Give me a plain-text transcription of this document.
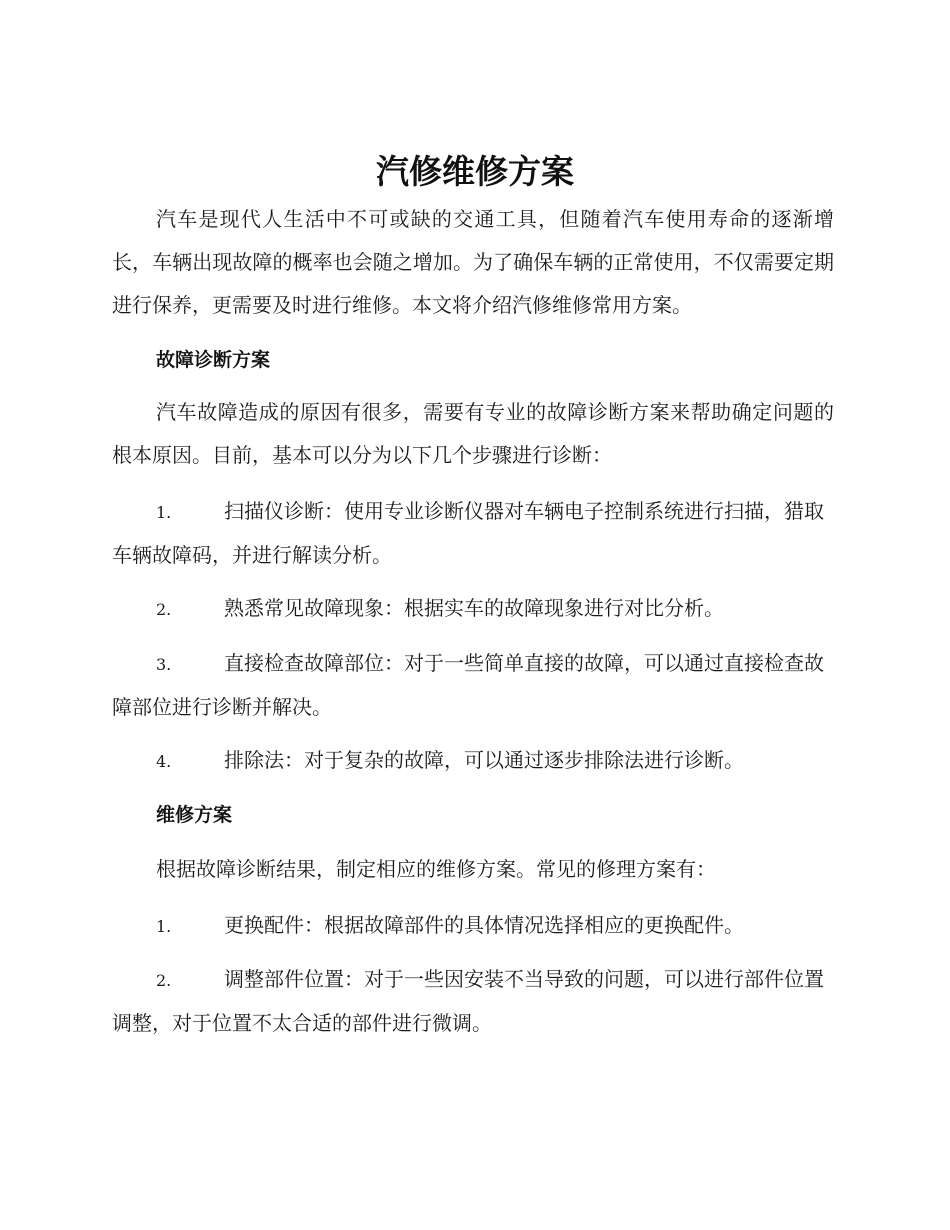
汽修维修方案

汽车是现代人生活中不可或缺的交通工具，但随着汽车使用寿命的逐渐增长，车辆出现故障的概率也会随之增加。为了确保车辆的正常使用，不仅需要定期进行保养，更需要及时进行维修。本文将介绍汽修维修常用方案。

故障诊断方案

汽车故障造成的原因有很多，需要有专业的故障诊断方案来帮助确定问题的根本原因。目前，基本可以分为以下几个步骤进行诊断：

1.	扫描仪诊断：使用专业诊断仪器对车辆电子控制系统进行扫描，猎取车辆故障码，并进行解读分析。

2.	熟悉常见故障现象：根据实车的故障现象进行对比分析。

3.	直接检查故障部位：对于一些简单直接的故障，可以通过直接检查故障部位进行诊断并解决。

4.	排除法：对于复杂的故障，可以通过逐步排除法进行诊断。

维修方案

根据故障诊断结果，制定相应的维修方案。常见的修理方案有：

1.	更换配件：根据故障部件的具体情况选择相应的更换配件。

2.	调整部件位置：对于一些因安装不当导致的问题，可以进行部件位置调整，对于位置不太合适的部件进行微调。
